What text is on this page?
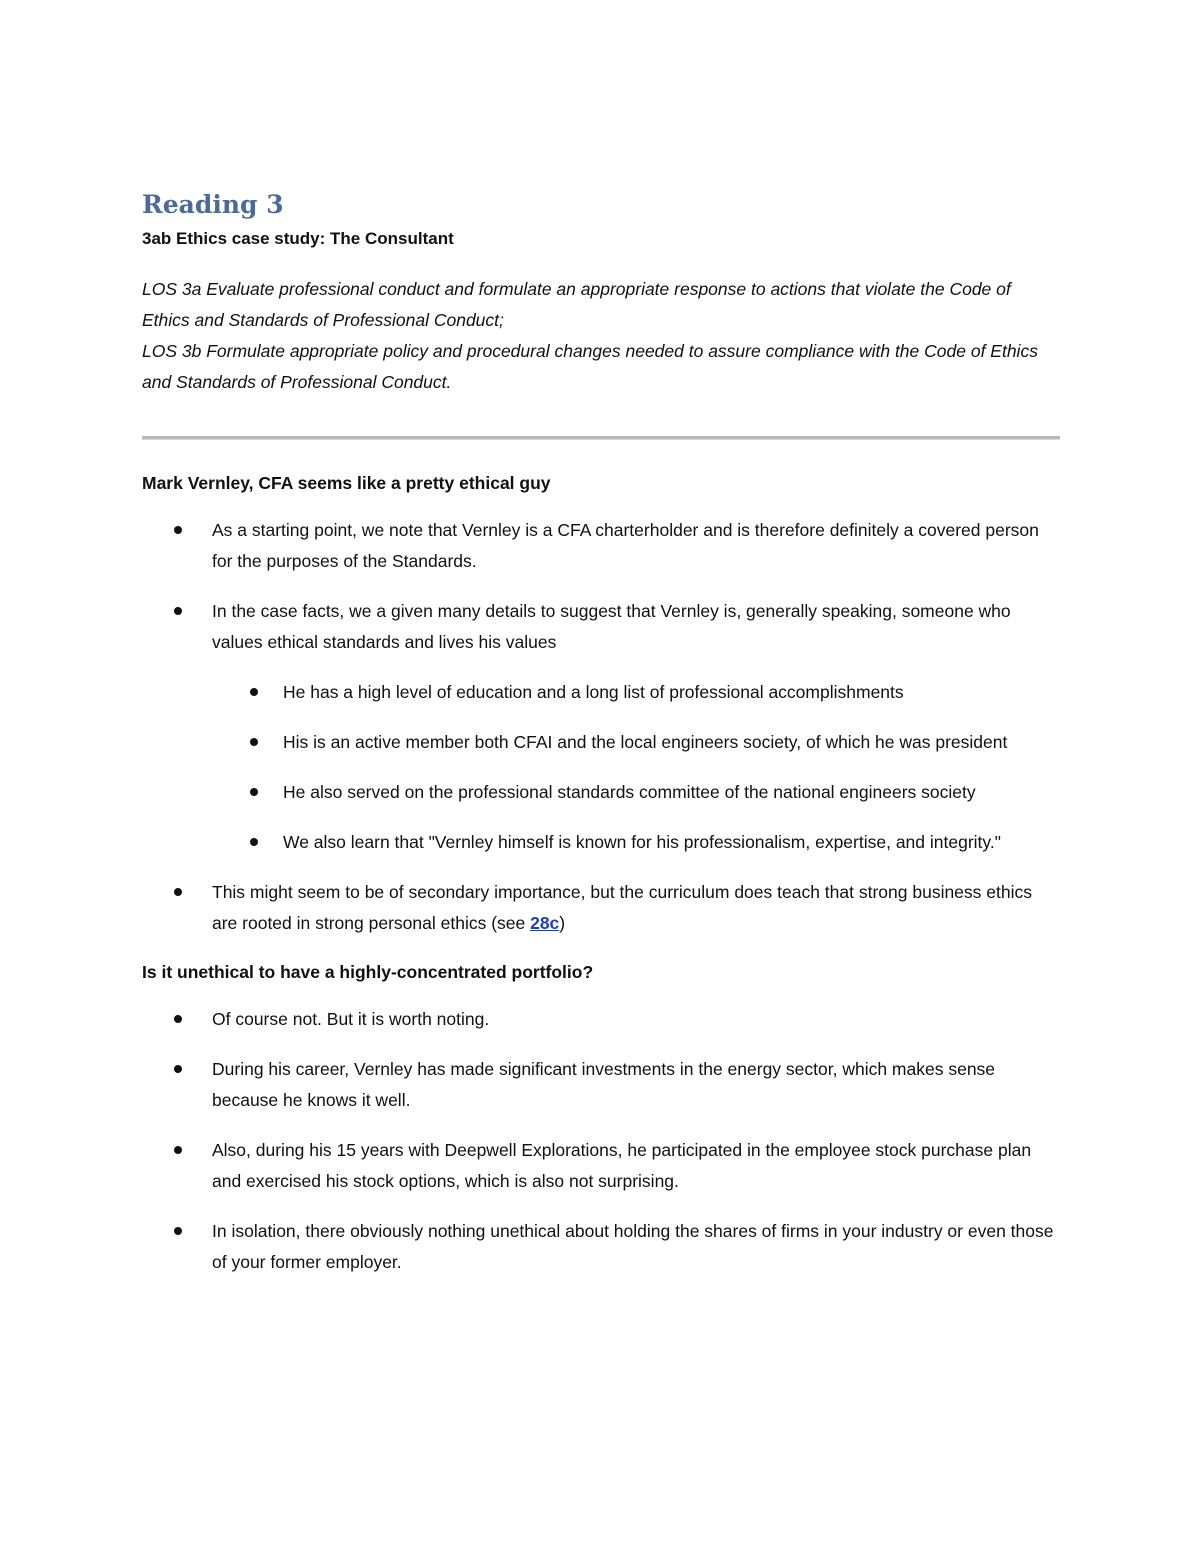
Reading 3
3ab Ethics case study: The Consultant

LOS 3a Evaluate professional conduct and formulate an appropriate response to actions that violate the Code of Ethics and Standards of Professional Conduct;

LOS 3b Formulate appropriate policy and procedural changes needed to assure compliance with the Code of Ethics and Standards of Professional Conduct.

Mark Vernley, CFA seems like a pretty ethical guy
As a starting point, we note that Vernley is a CFA charterholder and is therefore definitely a covered person for the purposes of the Standards.
In the case facts, we a given many details to suggest that Vernley is, generally speaking, someone who values ethical standards and lives his values
He has a high level of education and a long list of professional accomplishments
His is an active member both CFAI and the local engineers society, of which he was president
He also served on the professional standards committee of the national engineers society
We also learn that "Vernley himself is known for his professionalism, expertise, and integrity."
This might seem to be of secondary importance, but the curriculum does teach that strong business ethics are rooted in strong personal ethics (see 28c)
Is it unethical to have a highly-concentrated portfolio?
Of course not. But it is worth noting.
During his career, Vernley has made significant investments in the energy sector, which makes sense because he knows it well.
Also, during his 15 years with Deepwell Explorations, he participated in the employee stock purchase plan and exercised his stock options, which is also not surprising.
In isolation, there obviously nothing unethical about holding the shares of firms in your industry or even those of your former employer.
